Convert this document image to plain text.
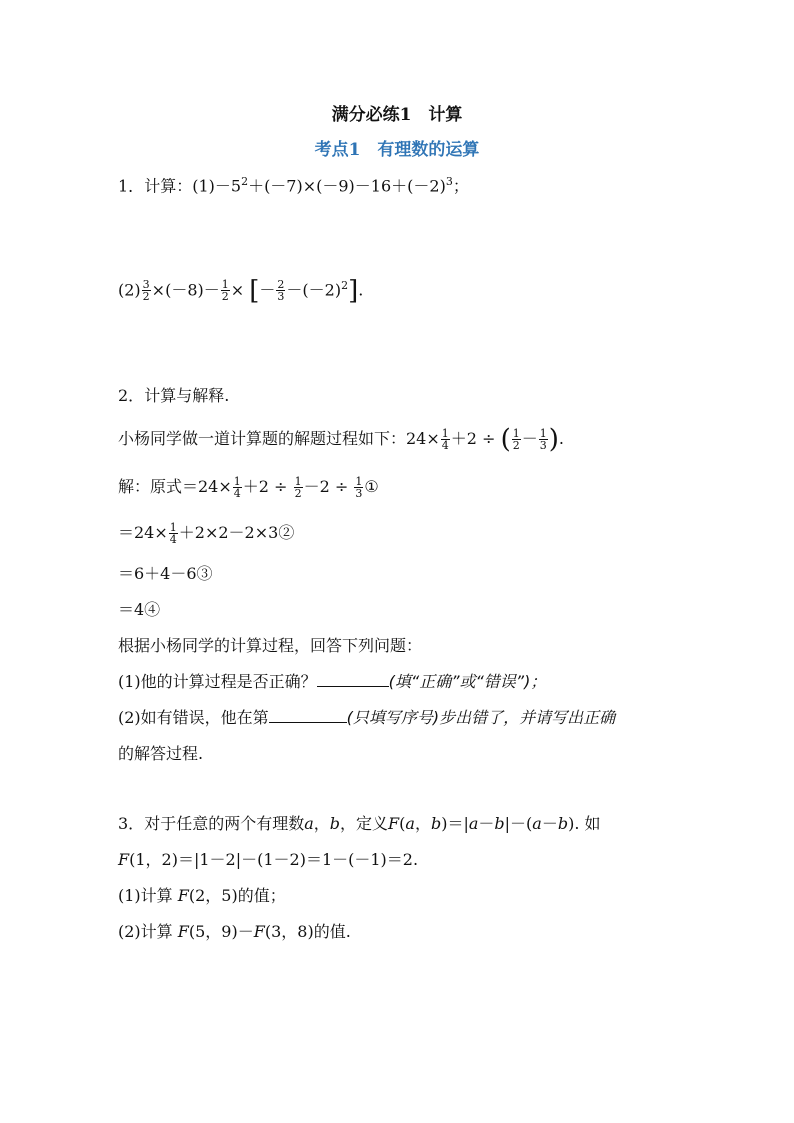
满分必练1　计算
考点1　有理数的运算
1．计算：$(1)-5^2+(-7)\times(-9)-16+(-2)^3$；
$(2) \frac{3}{2} \times(-8)- \frac{1}{2}$ × [－ $\frac{2}{3} -(-2)^2$].
2．计算与解释.
小杨同学做一道计算题的解题过程如下：$24\times \frac{1}{4} +2$ ÷ ( $\frac{1}{2} - \frac{1}{3}$ ).
解：原式$=24\times \frac{1}{4} +2 \div \frac{1}{2} -2 \div \frac{1}{3}$ ①
$=24\times \frac{1}{4}$ ＋2×2－2×3②
＝6＋4－6③
＝4④
根据小杨同学的计算过程，回答下列问题：
(1)他的计算过程是否正确？	(填“正确”或“错误”)；
(2)如有错误，他在第	(只填写序号)步出错了，并请写出正确
的解答过程.
3．对于任意的两个有理数a，b，定义F(a，b)＝|a－b|－(a－b). 如
F(1，2)＝|1－2|－(1－2)＝1－(－1)＝2.
(1)计算 F(2，5)的值；
(2)计算 F(5，9)－F(3，8)的值.
